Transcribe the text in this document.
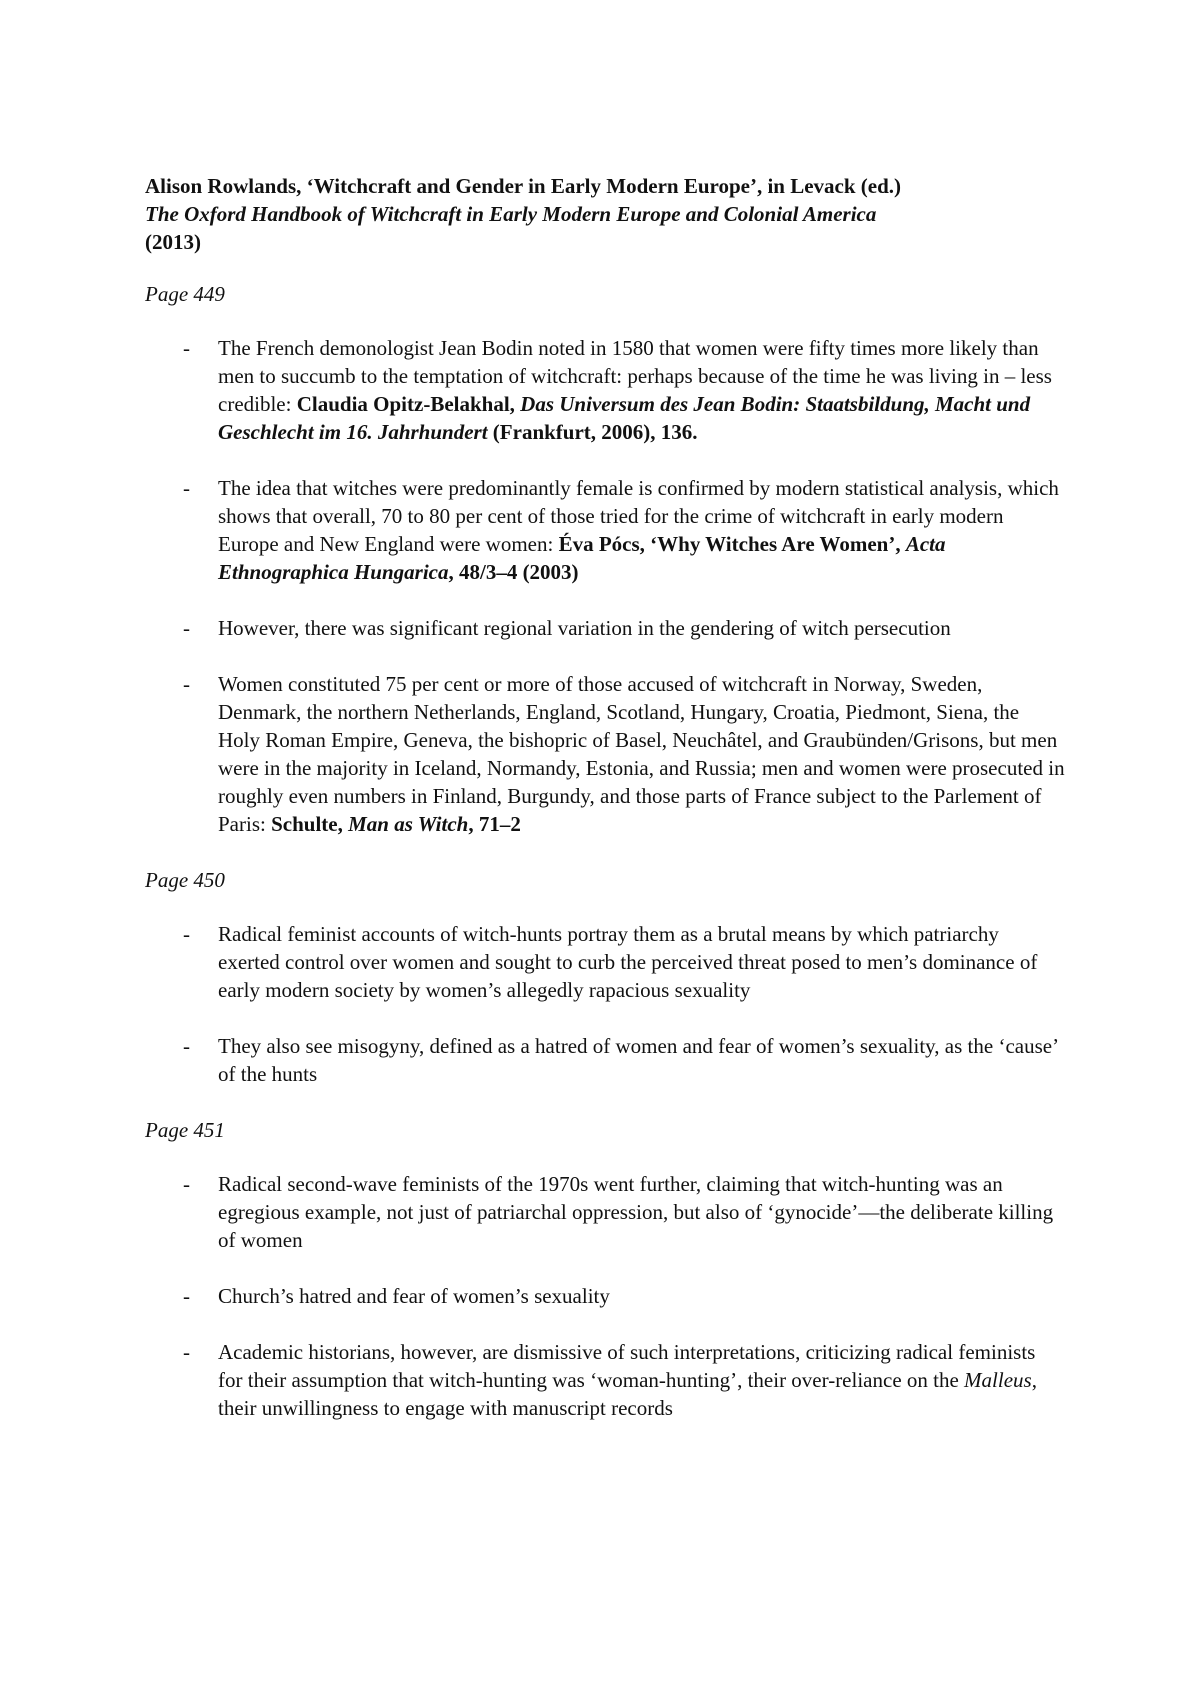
Alison Rowlands, ‘Witchcraft and Gender in Early Modern Europe’, in Levack (ed.)
The Oxford Handbook of Witchcraft in Early Modern Europe and Colonial America
(2013)
Page 449
- The French demonologist Jean Bodin noted in 1580 that women were fifty times more likely than men to succumb to the temptation of witchcraft: perhaps because of the time he was living in – less credible: Claudia Opitz-Belakhal, Das Universum des Jean Bodin: Staatsbildung, Macht und Geschlecht im 16. Jahrhundert (Frankfurt, 2006), 136.
- The idea that witches were predominantly female is confirmed by modern statistical analysis, which shows that overall, 70 to 80 per cent of those tried for the crime of witchcraft in early modern Europe and New England were women: Éva Pócs, ‘Why Witches Are Women’, Acta Ethnographica Hungarica, 48/3–4 (2003)
- However, there was significant regional variation in the gendering of witch persecution
- Women constituted 75 per cent or more of those accused of witchcraft in Norway, Sweden, Denmark, the northern Netherlands, England, Scotland, Hungary, Croatia, Piedmont, Siena, the Holy Roman Empire, Geneva, the bishopric of Basel, Neuchâtel, and Graubünden/Grisons, but men were in the majority in Iceland, Normandy, Estonia, and Russia; men and women were prosecuted in roughly even numbers in Finland, Burgundy, and those parts of France subject to the Parlement of Paris: Schulte, Man as Witch, 71–2
Page 450
- Radical feminist accounts of witch-hunts portray them as a brutal means by which patriarchy exerted control over women and sought to curb the perceived threat posed to men’s dominance of early modern society by women’s allegedly rapacious sexuality
- They also see misogyny, defined as a hatred of women and fear of women’s sexuality, as the ‘cause’ of the hunts
Page 451
- Radical second-wave feminists of the 1970s went further, claiming that witch-hunting was an egregious example, not just of patriarchal oppression, but also of ‘gynocide’—the deliberate killing of women
- Church’s hatred and fear of women’s sexuality
- Academic historians, however, are dismissive of such interpretations, criticizing radical feminists for their assumption that witch-hunting was ‘woman-hunting’, their over-reliance on the Malleus, their unwillingness to engage with manuscript records
